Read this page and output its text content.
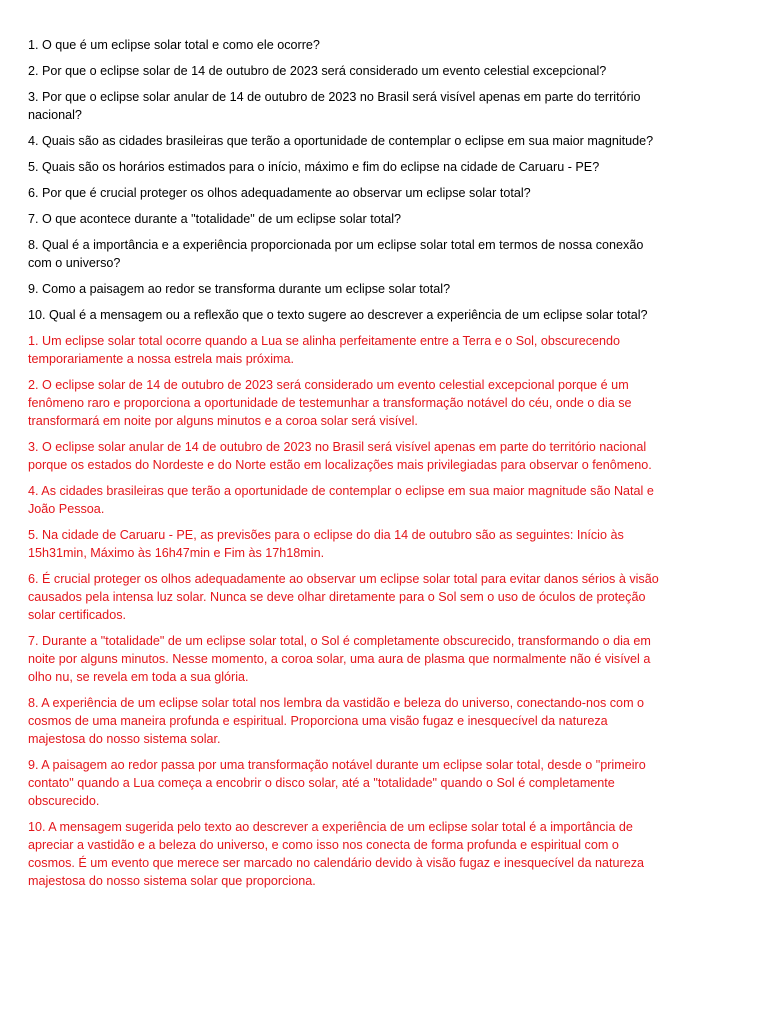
1. O que é um eclipse solar total e como ele ocorre?

2. Por que o eclipse solar de 14 de outubro de 2023 será considerado um evento celestial excepcional?

3. Por que o eclipse solar anular de 14 de outubro de 2023 no Brasil será visível apenas em parte do território nacional?

4. Quais são as cidades brasileiras que terão a oportunidade de contemplar o eclipse em sua maior magnitude?

5. Quais são os horários estimados para o início, máximo e fim do eclipse na cidade de Caruaru - PE?

6. Por que é crucial proteger os olhos adequadamente ao observar um eclipse solar total?

7. O que acontece durante a "totalidade" de um eclipse solar total?

8. Qual é a importância e a experiência proporcionada por um eclipse solar total em termos de nossa conexão com o universo?

9. Como a paisagem ao redor se transforma durante um eclipse solar total?

10. Qual é a mensagem ou a reflexão que o texto sugere ao descrever a experiência de um eclipse solar total?

1. Um eclipse solar total ocorre quando a Lua se alinha perfeitamente entre a Terra e o Sol, obscurecendo temporariamente a nossa estrela mais próxima.

2. O eclipse solar de 14 de outubro de 2023 será considerado um evento celestial excepcional porque é um fenômeno raro e proporciona a oportunidade de testemunhar a transformação notável do céu, onde o dia se transformará em noite por alguns minutos e a coroa solar será visível.

3. O eclipse solar anular de 14 de outubro de 2023 no Brasil será visível apenas em parte do território nacional porque os estados do Nordeste e do Norte estão em localizações mais privilegiadas para observar o fenômeno.

4. As cidades brasileiras que terão a oportunidade de contemplar o eclipse em sua maior magnitude são Natal e João Pessoa.

5. Na cidade de Caruaru - PE, as previsões para o eclipse do dia 14 de outubro são as seguintes: Início às 15h31min, Máximo às 16h47min e Fim às 17h18min.

6. É crucial proteger os olhos adequadamente ao observar um eclipse solar total para evitar danos sérios à visão causados pela intensa luz solar. Nunca se deve olhar diretamente para o Sol sem o uso de óculos de proteção solar certificados.

7. Durante a "totalidade" de um eclipse solar total, o Sol é completamente obscurecido, transformando o dia em noite por alguns minutos. Nesse momento, a coroa solar, uma aura de plasma que normalmente não é visível a olho nu, se revela em toda a sua glória.

8. A experiência de um eclipse solar total nos lembra da vastidão e beleza do universo, conectando-nos com o cosmos de uma maneira profunda e espiritual. Proporciona uma visão fugaz e inesquecível da natureza majestosa do nosso sistema solar.

9. A paisagem ao redor passa por uma transformação notável durante um eclipse solar total, desde o "primeiro contato" quando a Lua começa a encobrir o disco solar, até a "totalidade" quando o Sol é completamente obscurecido.

10. A mensagem sugerida pelo texto ao descrever a experiência de um eclipse solar total é a importância de apreciar a vastidão e a beleza do universo, e como isso nos conecta de forma profunda e espiritual com o cosmos. É um evento que merece ser marcado no calendário devido à visão fugaz e inesquecível da natureza majestosa do nosso sistema solar que proporciona.
